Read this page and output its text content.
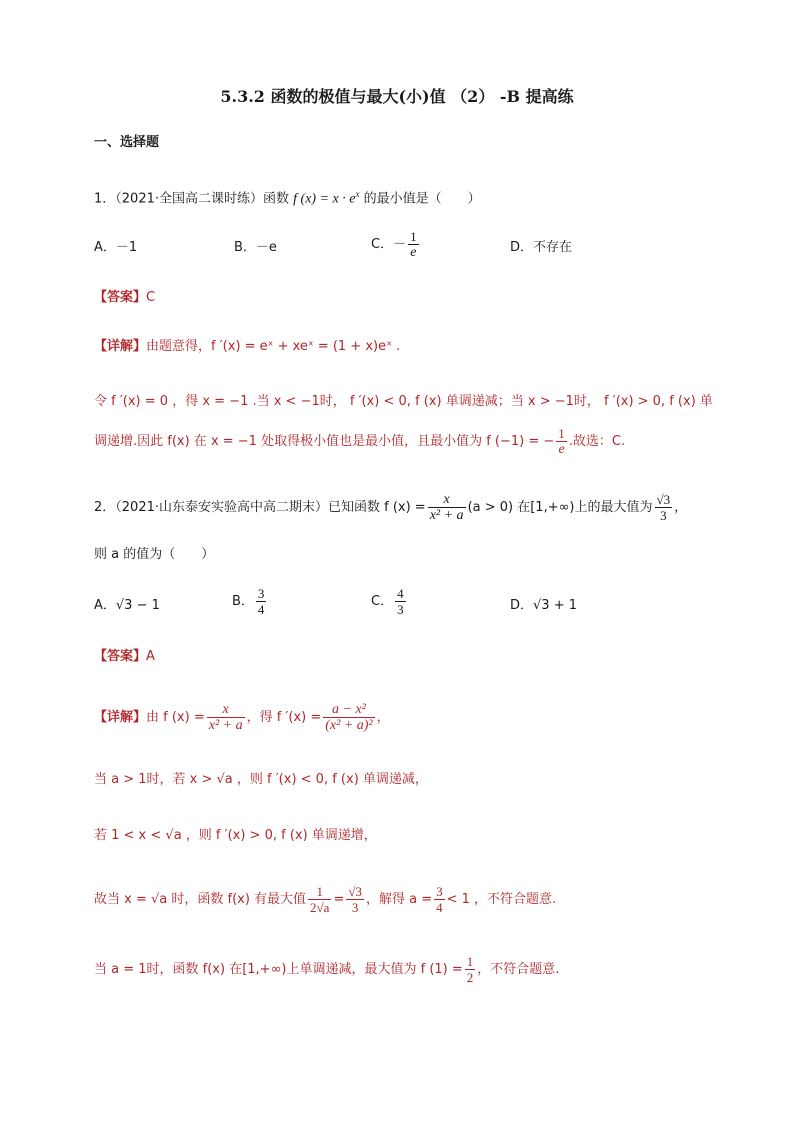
5.3.2 函数的极值与最大(小)值 （2） -B 提高练
一、选择题
1．（2021·全国高二课时练）函数 f $(x) = x \cdot e^x$ 的最小值是（　　）
A．－1	B．－e	C．－ $\frac{1}{e}$	D．不存在
【答案】C
【详解】由题意得，f ′(x) = eˣ + xeˣ = (1 + x)eˣ .
令 f ′(x) = 0 ，得 x = −1 .当 x < −1时， f ′(x) < 0, f (x) 单调递减；当 x > −1时， f ′(x) > 0, f (x) 单
调递增.因此 f(x) 在 x = −1 处取得极小值也是最小值，且最小值为 f (−1) = − $\frac{1}{e}$ .故选：C.
2．（2021·山东泰安实验高中高二期末）已知函数 f $(x) = \frac{x}{\text{x² + a}} (a > 0)$ 在[1,+∞)上的最大值为 $\frac{√3}{3}$ ，
则 a 的值为（　　）
A．√3 − 1	B． $\frac{3}{4}$	C． $\frac{4}{3}$	D．√3 + 1
【答案】A
【详解】由 f $(x) = \frac{x}{\text{x² + a}}$ ，得 f $'(x) = \frac{\text{a − x²}}{\text{(x² + a)²}}$ ，
当 a > 1时，若 x > √a ，则 f ′(x) < 0, f (x) 单调递减，
若 1 < x < √a ，则 f ′(x) > 0, f (x) 单调递增，
故当 x = √a 时，函数 f(x) 有最大值 $\frac{1}{2√a} = \frac{√3}{3}$ ，解得 $a = \frac{3}{4} < 1$ ，不符合题意.
当 a = 1时，函数 f(x) 在[1,+∞)上单调递减，最大值为 f $(1) = \frac{1}{2}$ ，不符合题意.
